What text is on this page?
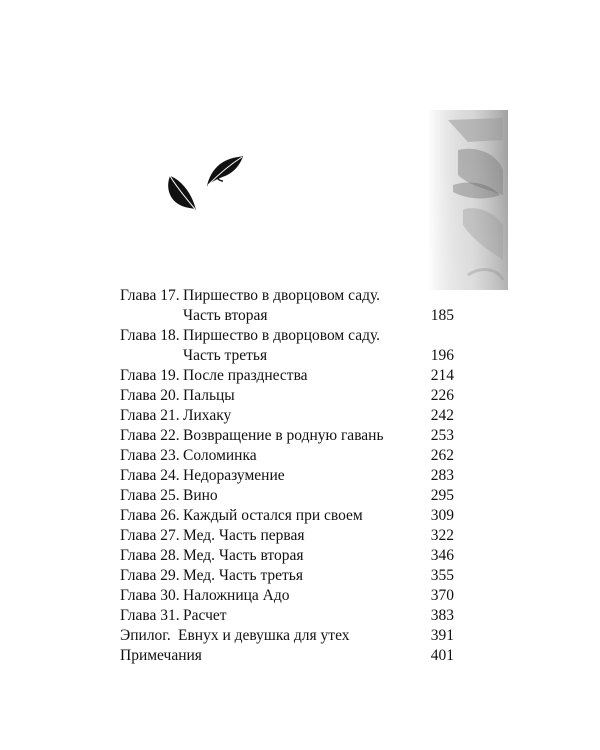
Глава 17. Пиршество в дворцовом саду.
Часть вторая	185
Глава 18. Пиршество в дворцовом саду.
Часть третья	196
Глава 19. После празднества	214
Глава 20. Пальцы	226
Глава 21. Лихаку	242
Глава 22. Возвращение в родную гавань	253
Глава 23. Соломинка	262
Глава 24. Недоразумение	283
Глава 25. Вино	295
Глава 26. Каждый остался при своем	309
Глава 27. Мед. Часть первая	322
Глава 28. Мед. Часть вторая	346
Глава 29. Мед. Часть третья	355
Глава 30. Наложница Адо	370
Глава 31. Расчет	383
Эпилог. Евнух и девушка для утех	391
Примечания	401
